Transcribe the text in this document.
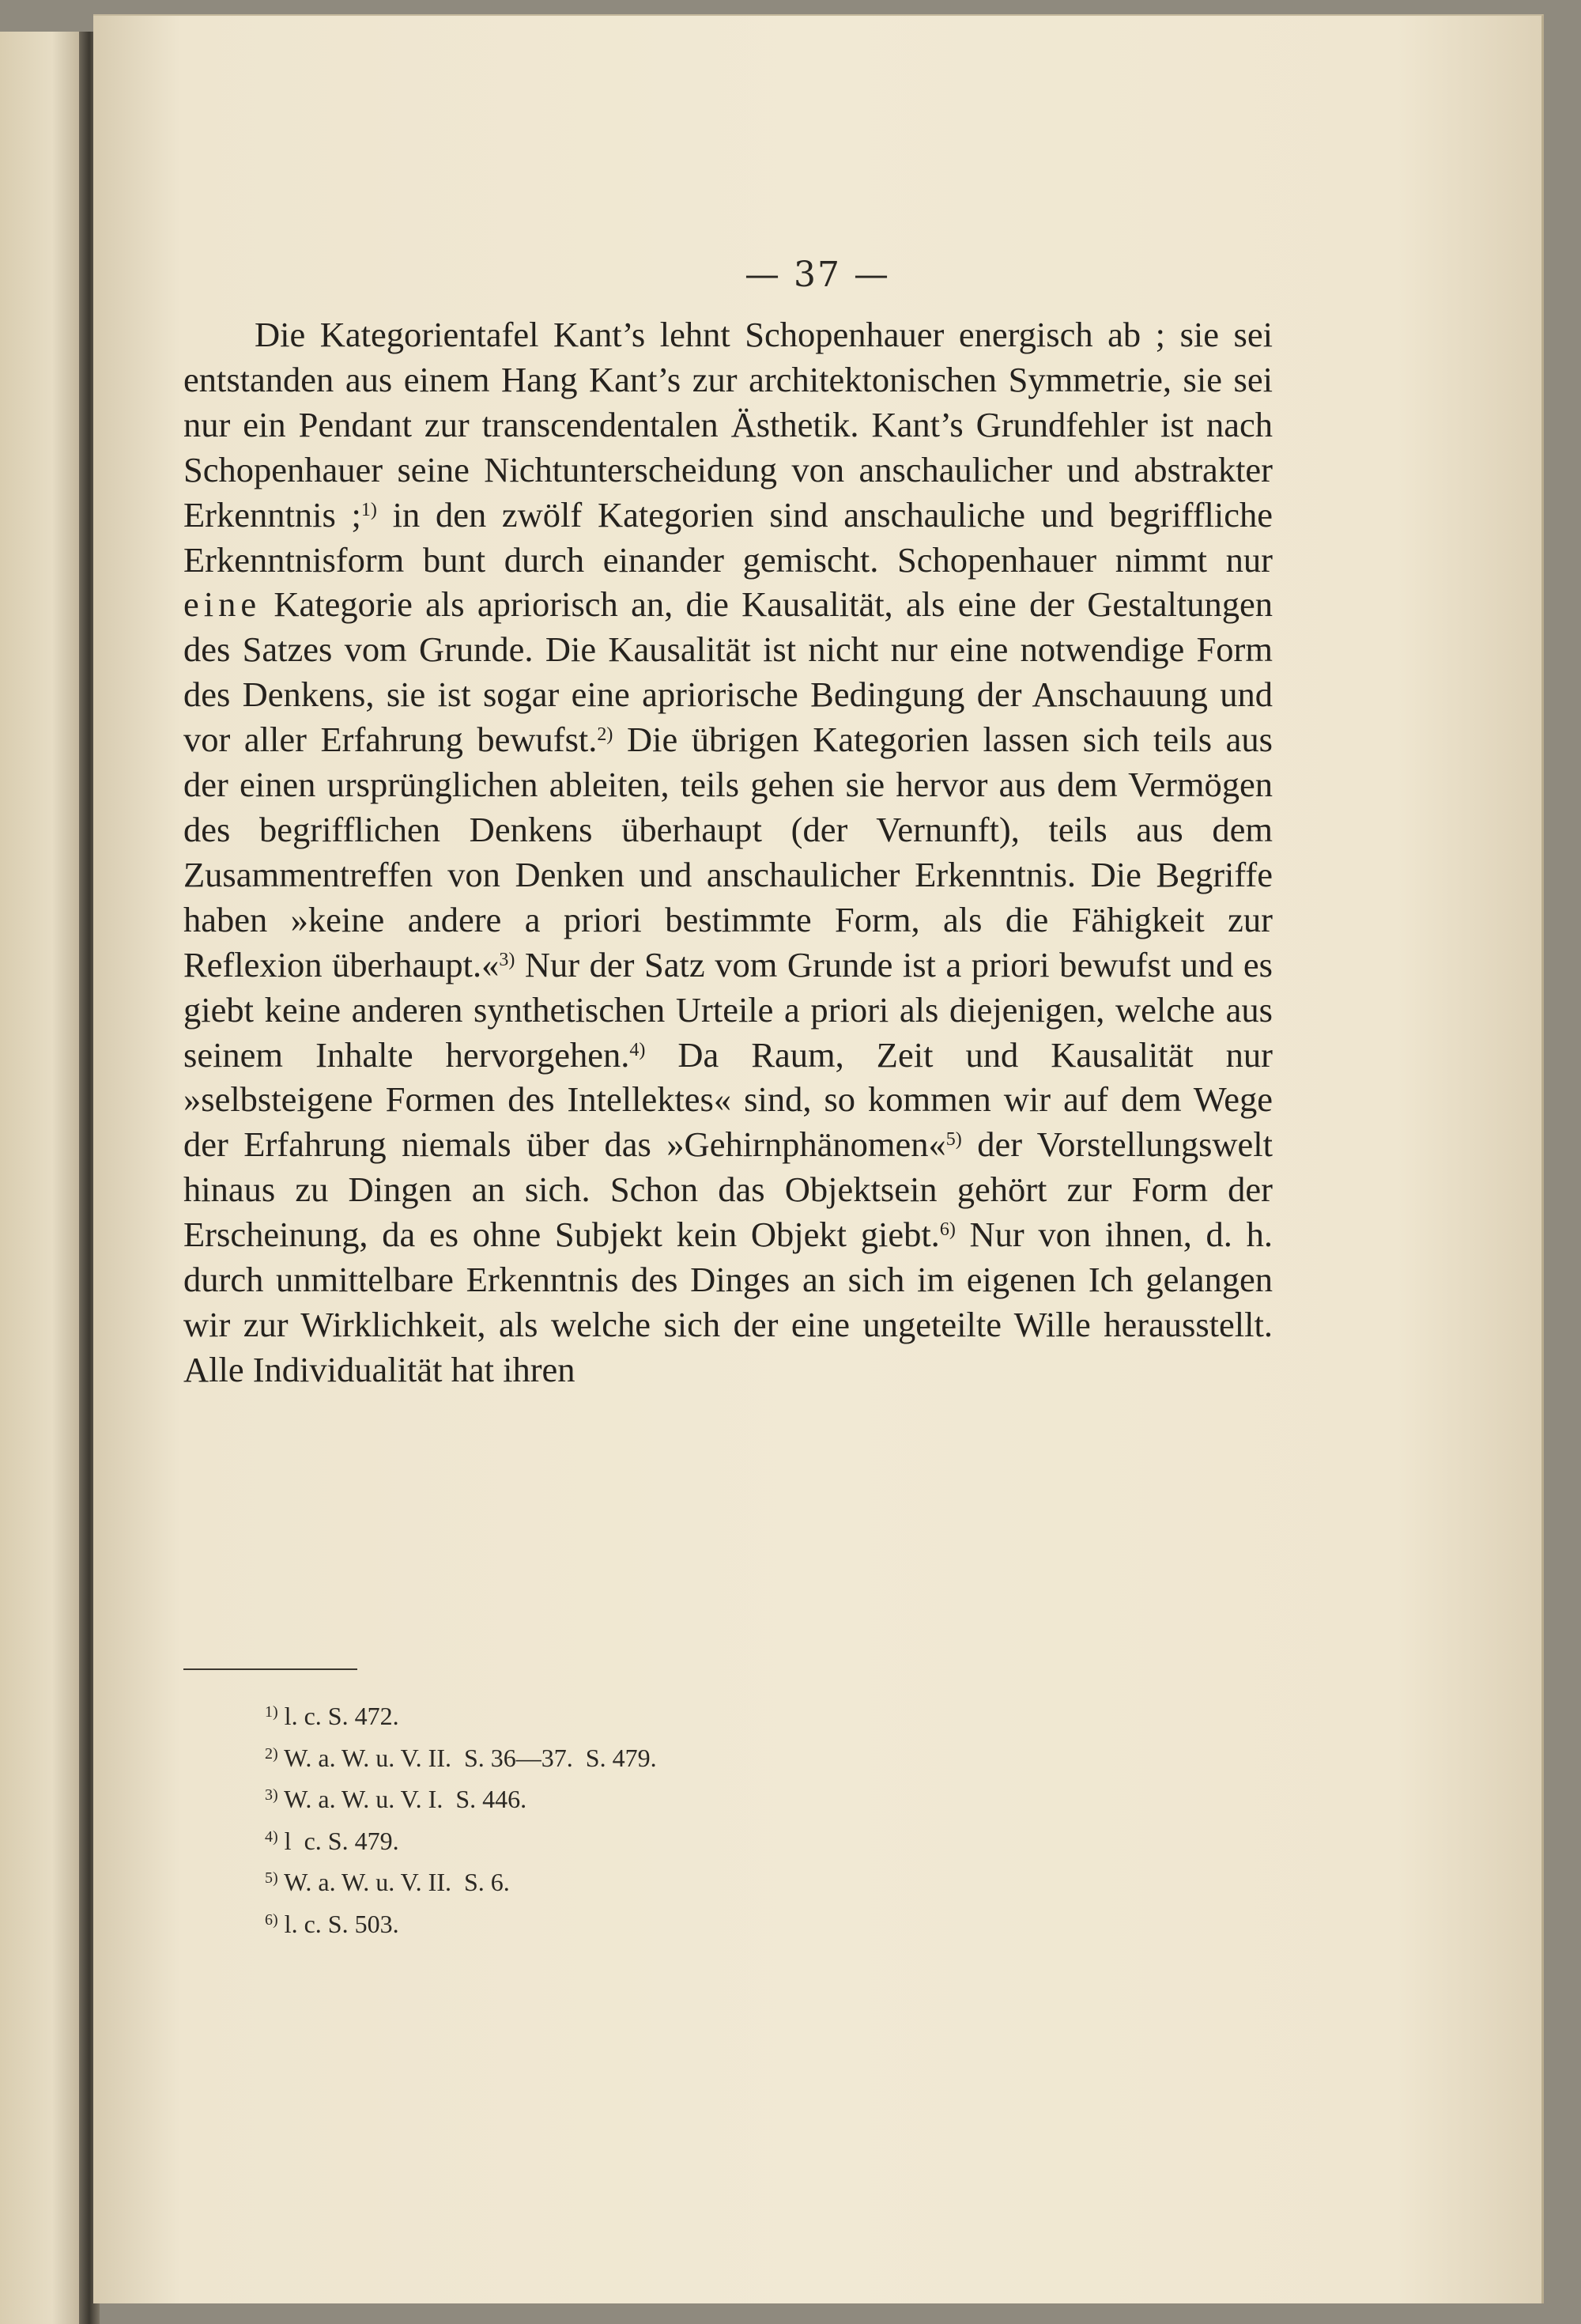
— 37 —

Die Kategorientafel Kant’s lehnt Schopenhauer energisch ab ; sie sei entstanden aus einem Hang Kant’s zur architektonischen Symmetrie, sie sei nur ein Pendant zur transcendentalen Ästhetik. Kant’s Grundfehler ist nach Schopenhauer seine Nichtunterscheidung von anschaulicher und abstrakter Erkenntnis ;$^{1)}$ in den zwölf Kategorien sind anschauliche und begriffliche Erkenntnisform bunt durch einander gemischt. Schopenhauer nimmt nur eine Kategorie als apriorisch an, die Kausalität, als eine der Gestaltungen des Satzes vom Grunde. Die Kausalität ist nicht nur eine notwendige Form des Denkens, sie ist sogar eine apriorische Bedingung der Anschauung und vor aller Erfahrung bewufst.$^{2)}$ Die übrigen Kategorien lassen sich teils aus der einen ursprünglichen ableiten, teils gehen sie hervor aus dem Vermögen des begrifflichen Denkens überhaupt (der Vernunft), teils aus dem Zusammentreffen von Denken und anschaulicher Erkenntnis. Die Begriffe haben »keine andere a priori bestimmte Form, als die Fähigkeit zur Reflexion überhaupt.«$^{3)}$ Nur der Satz vom Grunde ist a priori bewufst und es giebt keine anderen synthetischen Urteile a priori als diejenigen, welche aus seinem Inhalte hervorgehen.$^{4)}$ Da Raum, Zeit und Kausalität nur »selbsteigene Formen des Intellektes« sind, so kommen wir auf dem Wege der Erfahrung niemals über das »Gehirnphänomen«$^{5)}$ der Vorstellungswelt hinaus zu Dingen an sich. Schon das Objektsein gehört zur Form der Erscheinung, da es ohne Subjekt kein Objekt giebt.$^{6)}$ Nur von ihnen, d. h. durch unmittelbare Erkenntnis des Dinges an sich im eigenen Ich gelangen wir zur Wirklichkeit, als welche sich der eine ungeteilte Wille herausstellt. Alle Individualität hat ihren

$^{1)}$ l. c. S. 472.
$^{2)}$ W. a. W. u. V. II.  S. 36—37.  S. 479.
$^{3)}$ W. a. W. u. V. I.  S. 446.
$^{4)}$ l  c. S. 479.
$^{5)}$ W. a. W. u. V. II.  S. 6.
$^{6)}$ l. c. S. 503.
